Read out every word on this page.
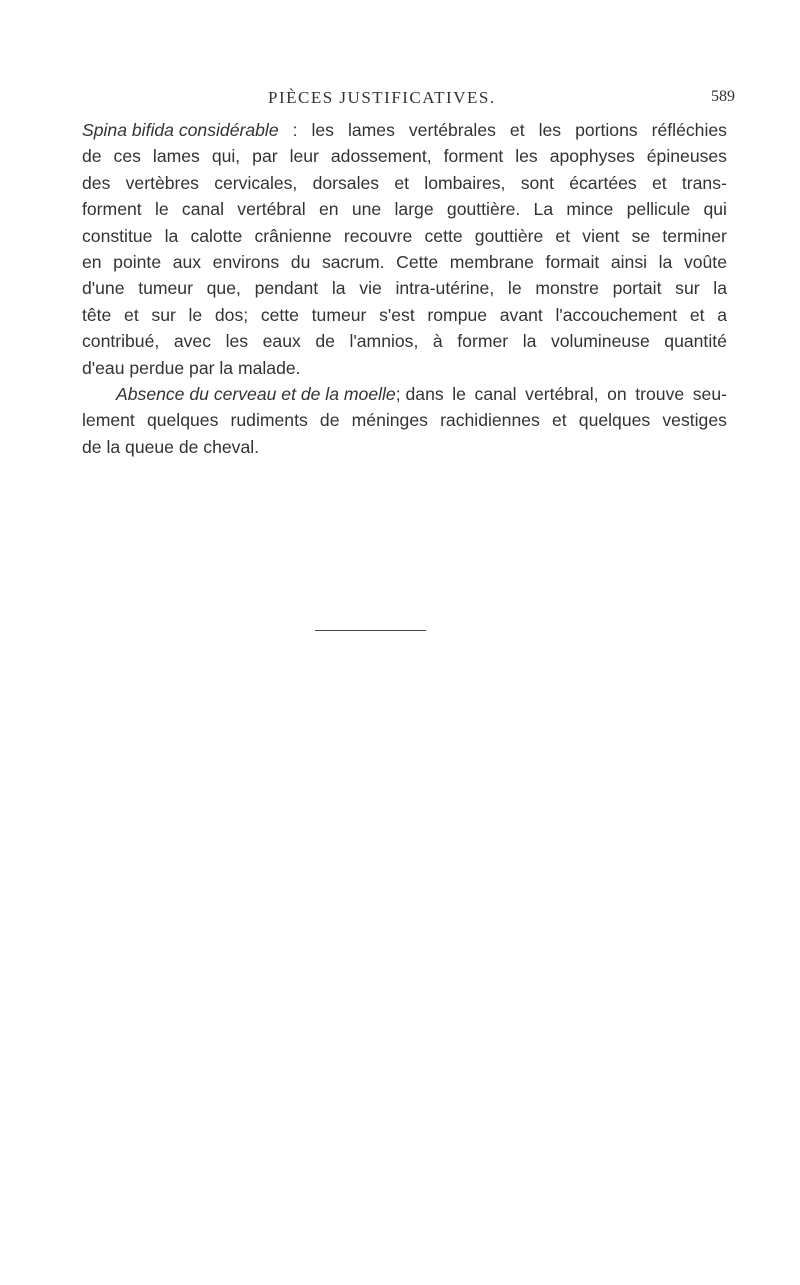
PIÈCES JUSTIFICATIVES.	589
Spina bifida considérable : les lames vertébrales et les portions réfléchies
de ces lames qui, par leur adossement, forment les apophyses épineuses
des vertèbres cervicales, dorsales et lombaires, sont écartées et trans-
forment le canal vertébral en une large gouttière. La mince pellicule qui
constitue la calotte crânienne recouvre cette gouttière et vient se terminer
en pointe aux environs du sacrum. Cette membrane formait ainsi la voûte
d'une tumeur que, pendant la vie intra-utérine, le monstre portait sur la
tête et sur le dos; cette tumeur s'est rompue avant l'accouchement et a
contribué, avec les eaux de l'amnios, à former la volumineuse quantité
d'eau perdue par la malade.
Absence du cerveau et de la moelle; dans le canal vertébral, on trouve seu-
lement quelques rudiments de méninges rachidiennes et quelques vestiges
de la queue de cheval.
